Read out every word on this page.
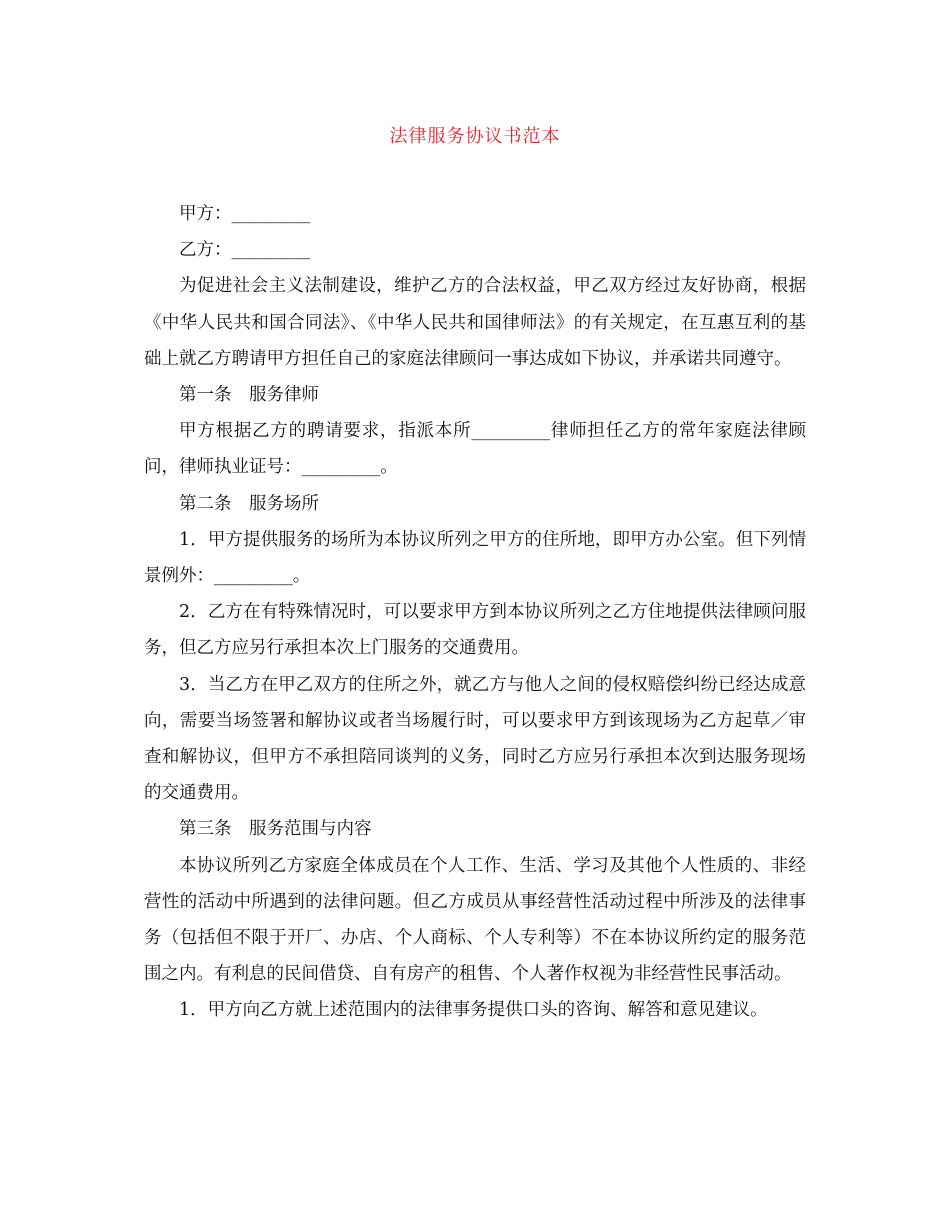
法律服务协议书范本

甲方：_________

乙方：_________

为促进社会主义法制建设，维护乙方的合法权益，甲乙双方经过友好协商，根据《中华人民共和国合同法》、《中华人民共和国律师法》的有关规定，在互惠互利的基础上就乙方聘请甲方担任自己的家庭法律顾问一事达成如下协议，并承诺共同遵守。

第一条　服务律师

甲方根据乙方的聘请要求，指派本所_________律师担任乙方的常年家庭法律顾问，律师执业证号：_________。

第二条　服务场所

1．甲方提供服务的场所为本协议所列之甲方的住所地，即甲方办公室。但下列情景例外：_________。

2．乙方在有特殊情况时，可以要求甲方到本协议所列之乙方住地提供法律顾问服务，但乙方应另行承担本次上门服务的交通费用。

3．当乙方在甲乙双方的住所之外，就乙方与他人之间的侵权赔偿纠纷已经达成意向，需要当场签署和解协议或者当场履行时，可以要求甲方到该现场为乙方起草／审查和解协议，但甲方不承担陪同谈判的义务，同时乙方应另行承担本次到达服务现场的交通费用。

第三条　服务范围与内容

本协议所列乙方家庭全体成员在个人工作、生活、学习及其他个人性质的、非经营性的活动中所遇到的法律问题。但乙方成员从事经营性活动过程中所涉及的法律事务（包括但不限于开厂、办店、个人商标、个人专利等）不在本协议所约定的服务范围之内。有利息的民间借贷、自有房产的租售、个人著作权视为非经营性民事活动。

1．甲方向乙方就上述范围内的法律事务提供口头的咨询、解答和意见建议。
